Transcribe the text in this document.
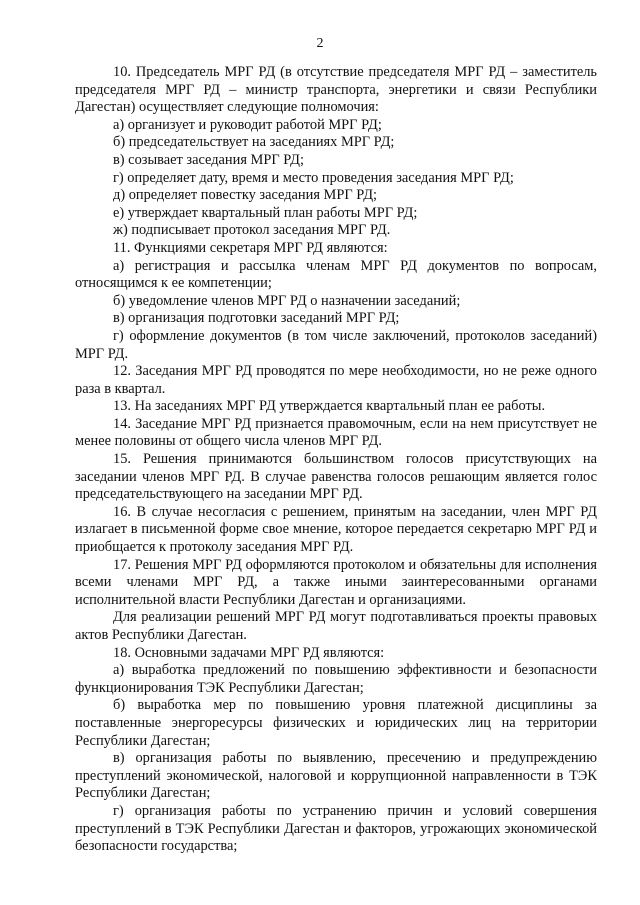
2

10. Председатель МРГ РД (в отсутствие председателя МРГ РД – заместитель председателя МРГ РД – министр транспорта, энергетики и связи Республики Дагестан) осуществляет следующие полномочия:

а) организует и руководит работой МРГ РД;

б) председательствует на заседаниях МРГ РД;

в) созывает заседания МРГ РД;

г) определяет дату, время и место проведения заседания МРГ РД;

д) определяет повестку заседания МРГ РД;

е) утверждает квартальный план работы МРГ РД;

ж) подписывает протокол заседания МРГ РД.

11. Функциями секретаря МРГ РД являются:

а) регистрация и рассылка членам МРГ РД документов по вопросам, относящимся к ее компетенции;

б) уведомление членов МРГ РД о назначении заседаний;

в) организация подготовки заседаний МРГ РД;

г) оформление документов (в том числе заключений, протоколов заседаний) МРГ РД.

12. Заседания МРГ РД проводятся по мере необходимости, но не реже одного раза в квартал.

13. На заседаниях МРГ РД утверждается квартальный план ее работы.

14. Заседание МРГ РД признается правомочным, если на нем присутствует не менее половины от общего числа членов МРГ РД.

15. Решения принимаются большинством голосов присутствующих на заседании членов МРГ РД. В случае равенства голосов решающим является голос председательствующего на заседании МРГ РД.

16. В случае несогласия с решением, принятым на заседании, член МРГ РД излагает в письменной форме свое мнение, которое передается секретарю МРГ РД и приобщается к протоколу заседания МРГ РД.

17. Решения МРГ РД оформляются протоколом и обязательны для исполнения всеми членами МРГ РД, а также иными заинтересованными органами исполнительной власти Республики Дагестан и организациями.

Для реализации решений МРГ РД могут подготавливаться проекты правовых актов Республики Дагестан.

18. Основными задачами МРГ РД являются:

а) выработка предложений по повышению эффективности и безопасности функционирования ТЭК Республики Дагестан;

б) выработка мер по повышению уровня платежной дисциплины за поставленные энергоресурсы физических и юридических лиц на территории Республики Дагестан;

в) организация работы по выявлению, пресечению и предупреждению преступлений экономической, налоговой и коррупционной направленности в ТЭК Республики Дагестан;

г) организация работы по устранению причин и условий совершения преступлений в ТЭК Республики Дагестан и факторов, угрожающих экономической безопасности государства;
